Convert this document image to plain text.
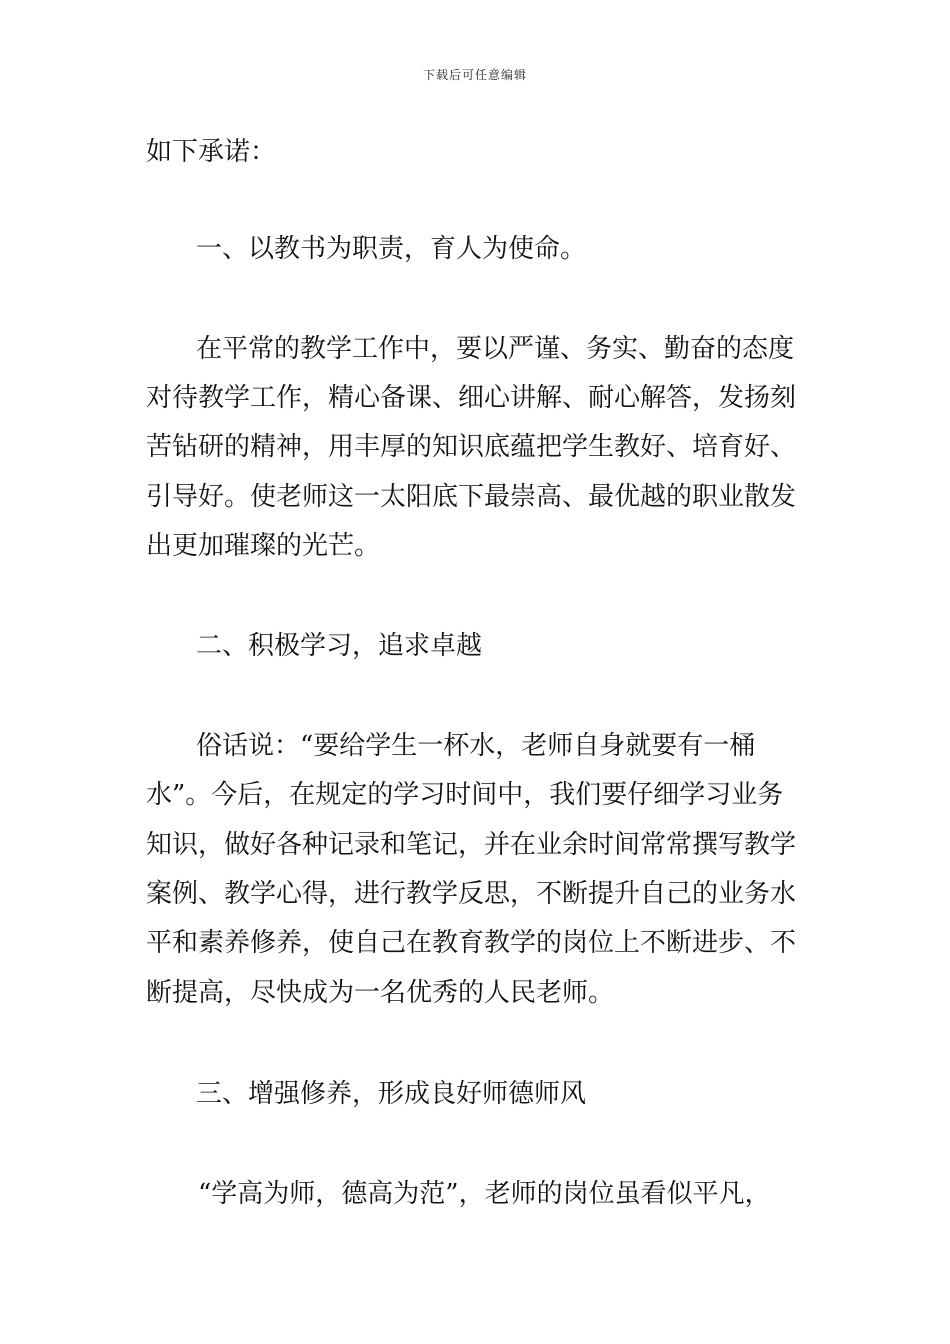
下载后可任意编辑
如下承诺：
一、以教书为职责，育人为使命。
在平常的教学工作中，要以严谨、务实、勤奋的态度
对待教学工作，精心备课、细心讲解、耐心解答，发扬刻
苦钻研的精神，用丰厚的知识底蕴把学生教好、培育好、
引导好。使老师这一太阳底下最崇高、最优越的职业散发
出更加璀璨的光芒。
二、积极学习，追求卓越
俗话说：“要给学生一杯水，老师自身就要有一桶
水”。今后，在规定的学习时间中，我们要仔细学习业务
知识，做好各种记录和笔记，并在业余时间常常撰写教学
案例、教学心得，进行教学反思，不断提升自己的业务水
平和素养修养，使自己在教育教学的岗位上不断进步、不
断提高，尽快成为一名优秀的人民老师。
三、增强修养，形成良好师德师风
“学高为师，德高为范”，老师的岗位虽看似平凡，
